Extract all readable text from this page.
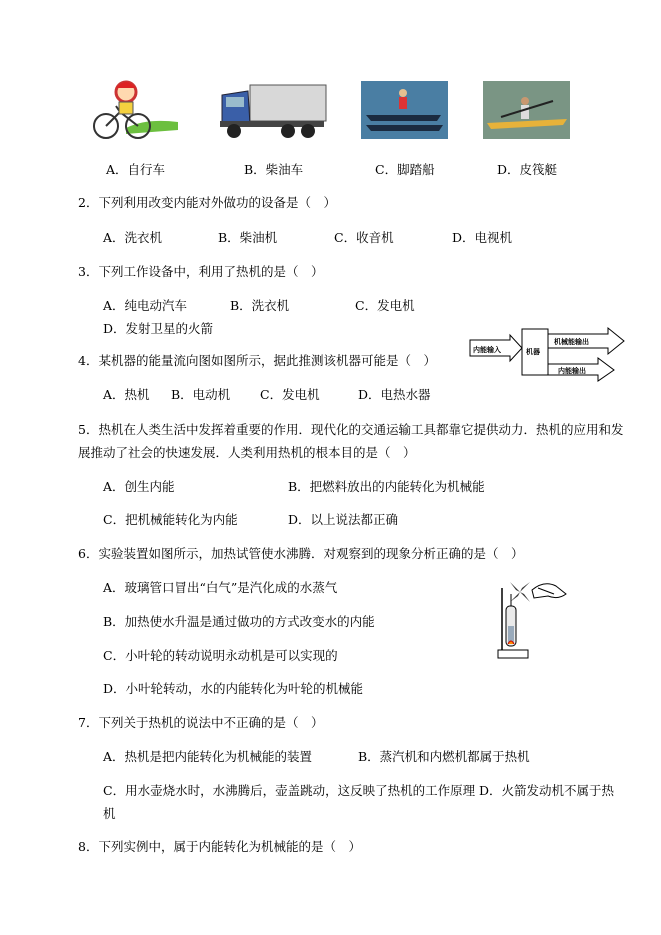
A．自行车	B．柴油车	C．脚踏船	D．皮筏艇
2．下列利用改变内能对外做功的设备是（　）
A．洗衣机	B．柴油机	C．收音机	D．电视机
3．下列工作设备中，利用了热机的是（　）
A．纯电动汽车	B．洗衣机	C．发电机
D．发射卫星的火箭
4．某机器的能量流向图如图所示，据此推测该机器可能是（　）
A．热机 B．电动机 C．发电机	D．电热水器
内能输入	机器
机械能输出
内能输出
5．热机在人类生活中发挥着重要的作用．现代化的交通运输工具都靠它提供动力．热机的应用和发
展推动了社会的快速发展．人类利用热机的根本目的是（　）
A．创生内能	B．把燃料放出的内能转化为机械能
C．把机械能转化为内能	D．以上说法都正确
6．实验装置如图所示，加热试管使水沸腾．对观察到的现象分析正确的是（　）
A．玻璃管口冒出“白气”是汽化成的水蒸气
B．加热使水升温是通过做功的方式改变水的内能
C．小叶轮的转动说明永动机是可以实现的
D．小叶轮转动，水的内能转化为叶轮的机械能
7．下列关于热机的说法中不正确的是（　）
A．热机是把内能转化为机械能的装置	B．蒸汽机和内燃机都属于热机
C．用水壶烧水时，水沸腾后，壶盖跳动，这反映了热机的工作原理 D．火箭发动机不属于热
机
8．下列实例中，属于内能转化为机械能的是（　）
